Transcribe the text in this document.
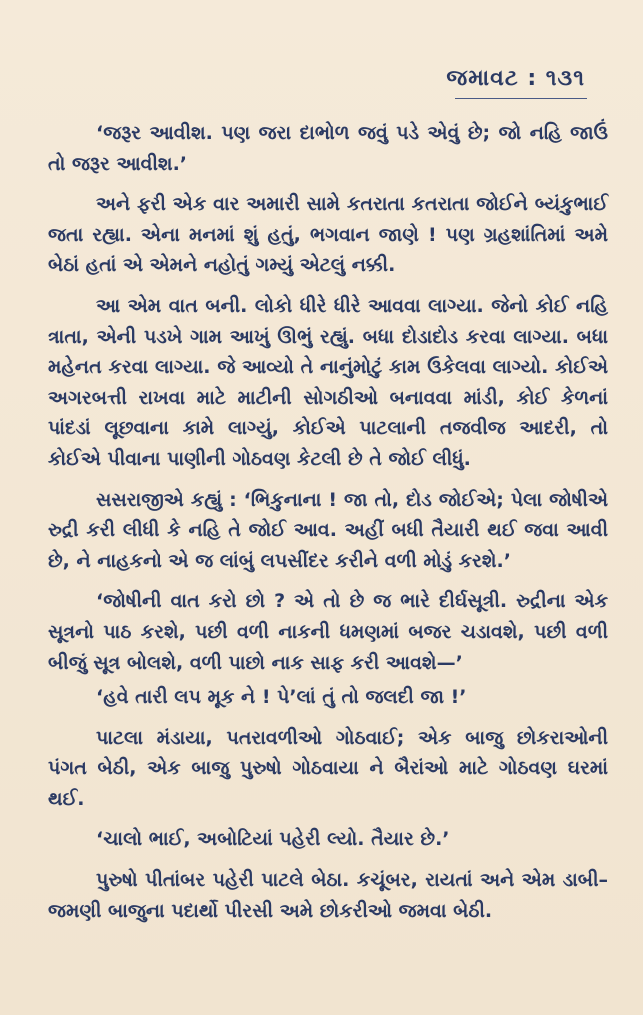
જમાવટ : ૧૩૧

‘જરૂર આવીશ. પણ જરા દાભોળ જવું પડે એવું છે; જો નહિ જાઉં તો જરૂર આવીશ.’

અને ફરી એક વાર અમારી સામે કતરાતા કતરાતા જોઈને બ્યંકુભાઈ જતા રહ્યા. એના મનમાં શું હતું, ભગવાન જાણે ! પણ ગ્રહશાંતિમાં અમે બેઠાં હતાં એ એમને નહોતું ગમ્યું એટલું નક્કી.

આ એમ વાત બની. લોકો ધીરે ધીરે આવવા લાગ્યા. જેનો કોઈ નહિ ત્રાતા, એની પડખે ગામ આખું ઊભું રહ્યું. બધા દોડાદોડ કરવા લાગ્યા. બધા મહેનત કરવા લાગ્યા. જે આવ્યો તે નાનુંમોટું કામ ઉકેલવા લાગ્યો. કોઈએ અગરબત્તી રાખવા માટે માટીની સોગઠીઓ બનાવવા માંડી, કોઈ કેળનાં પાંદડાં લૂછવાના કામે લાગ્યું, કોઈએ પાટલાની તજવીજ આદરી, તો કોઈએ પીવાના પાણીની ગોઠવણ કેટલી છે તે જોઈ લીધું.

સસરાજીએ કહ્યું : ‘ભિકુનાના ! જા તો, દોડ જોઈએ; પેલા જોષીએ રુદ્રી કરી લીધી કે નહિ તે જોઈ આવ. અહીં બધી તૈયારી થઈ જવા આવી છે, ને નાહકનો એ જ લાંબું લપસીંદર કરીને વળી મોડું કરશે.’

‘જોષીની વાત કરો છો ? એ તો છે જ ભારે દીર્ઘસૂત્રી. રુદ્રીના એક સૂત્રનો પાઠ કરશે, પછી વળી નાકની ધમણમાં બજર ચડાવશે, પછી વળી બીજું સૂત્ર બોલશે, વળી પાછો નાક સાફ કરી આવશે—’

‘હવે તારી લપ મૂક ને ! પે’લાં તું તો જલદી જા !’

પાટલા મંડાયા, પતરાવળીઓ ગોઠવાઈ; એક બાજુ છોકરાઓની પંગત બેઠી, એક બાજુ પુરુષો ગોઠવાયા ને બૈરાંઓ માટે ગોઠવણ ઘરમાં થઈ.

‘ચાલો ભાઈ, અબોટિયાં પહેરી લ્યો. તૈયાર છે.’

પુરુષો પીતાંબર પહેરી પાટલે બેઠા. કચૂંબર, રાયતાં અને એમ ડાબી–જમણી બાજુના પદાર્થો પીરસી અમે છોકરીઓ જમવા બેઠી.
